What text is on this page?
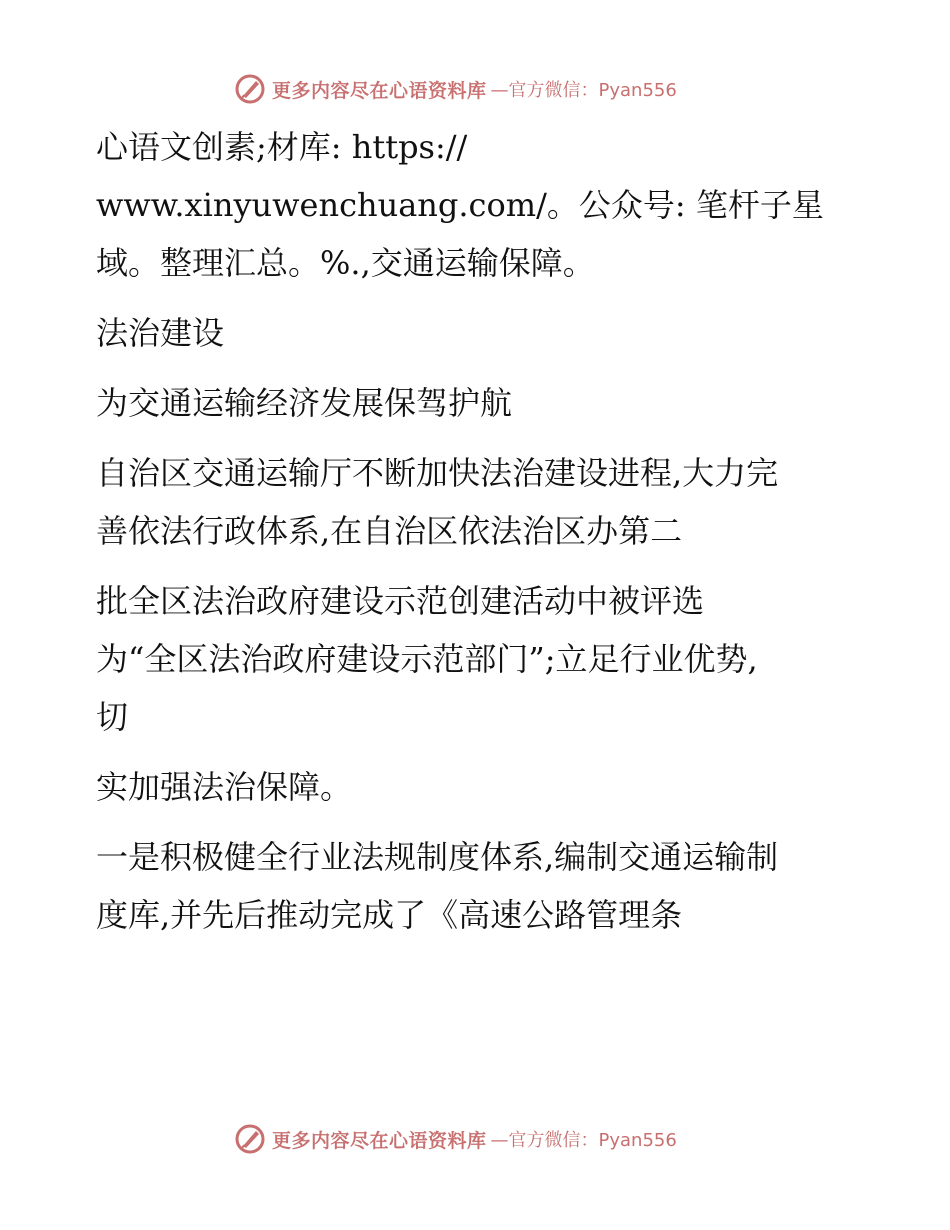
更多内容尽在心语资料库 —官方微信：Pyan556

心语文创素;材库: https://

www.xinyuwenchuang.com/。公众号: 笔杆子星

域。整理汇总。%.,交通运输保障。

法治建设

为交通运输经济发展保驾护航

自治区交通运输厅不断加快法治建设进程,大力完

善依法行政体系,在自治区依法治区办第二

批全区法治政府建设示范创建活动中被评选

为“全区法治政府建设示范部门”;立足行业优势,

切

实加强法治保障。

一是积极健全行业法规制度体系,编制交通运输制

度库,并先后推动完成了《高速公路管理条

更多内容尽在心语资料库 —官方微信：Pyan556
